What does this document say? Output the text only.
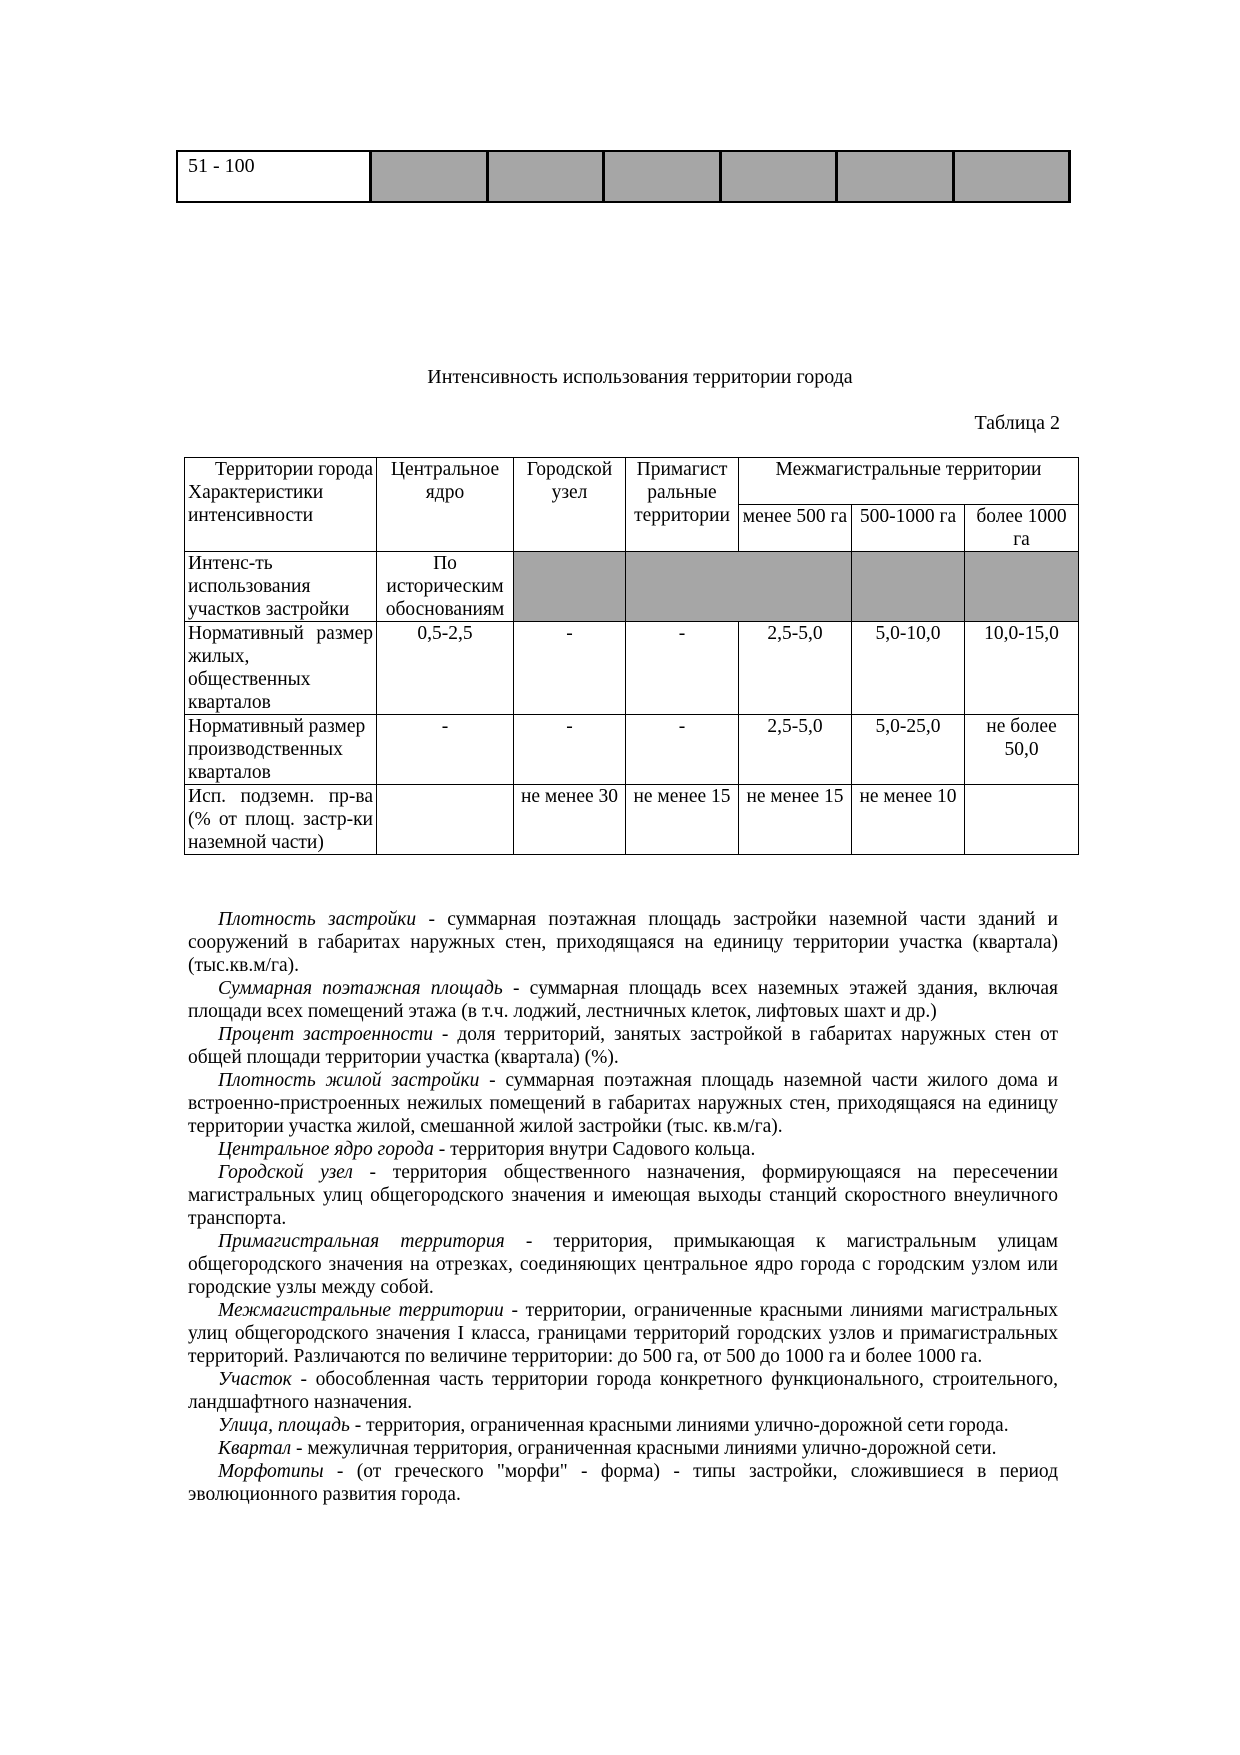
51 - 100						
Интенсивность использования территории города
Таблица 2
Территории города
Характеристики интенсивности	Центральное ядро	Городской узел	Примагист ральные территории	Межмагистральные территории		
				менее 500 га	500-1000 га	более 1000 га
Интенс-ть использования участков застройки	По историческим обоснованиям					
Нормативный размер жилых, общественных кварталов	0,5-2,5	-	-	2,5-5,0	5,0-10,0	10,0-15,0
Нормативный размер производственных кварталов	-	-	-	2,5-5,0	5,0-25,0	не более 50,0
Исп. подземн. пр-ва (% от площ. застр-ки наземной части)		не менее 30	не менее 15	не менее 15	не менее 10	

Плотность застройки - суммарная поэтажная площадь застройки наземной части зданий и сооружений в габаритах наружных стен, приходящаяся на единицу территории участка (квартала) (тыс.кв.м/га).

Суммарная поэтажная площадь - суммарная площадь всех наземных этажей здания, включая площади всех помещений этажа (в т.ч. лоджий, лестничных клеток, лифтовых шахт и др.)

Процент застроенности - доля территорий, занятых застройкой в габаритах наружных стен от общей площади территории участка (квартала) (%).

Плотность жилой застройки - суммарная поэтажная площадь наземной части жилого дома и встроенно-пристроенных нежилых помещений в габаритах наружных стен, приходящаяся на единицу территории участка жилой, смешанной жилой застройки (тыс. кв.м/га).

Центральное ядро города - территория внутри Садового кольца.

Городской узел - территория общественного назначения, формирующаяся на пересечении магистральных улиц общегородского значения и имеющая выходы станций скоростного внеуличного транспорта.

Примагистральная территория - территория, примыкающая к магистральным улицам общегородского значения на отрезках, соединяющих центральное ядро города с городским узлом или городские узлы между собой.

Межмагистральные территории - территории, ограниченные красными линиями магистральных улиц общегородского значения I класса, границами территорий городских узлов и примагистральных территорий. Различаются по величине территории: до 500 га, от 500 до 1000 га и более 1000 га.

Участок - обособленная часть территории города конкретного функционального, строительного, ландшафтного назначения.

Улица, площадь - территория, ограниченная красными линиями улично-дорожной сети города.

Квартал - межуличная территория, ограниченная красными линиями улично-дорожной сети.

Морфотипы - (от греческого "морфи" - форма) - типы застройки, сложившиеся в период эволюционного развития города.
